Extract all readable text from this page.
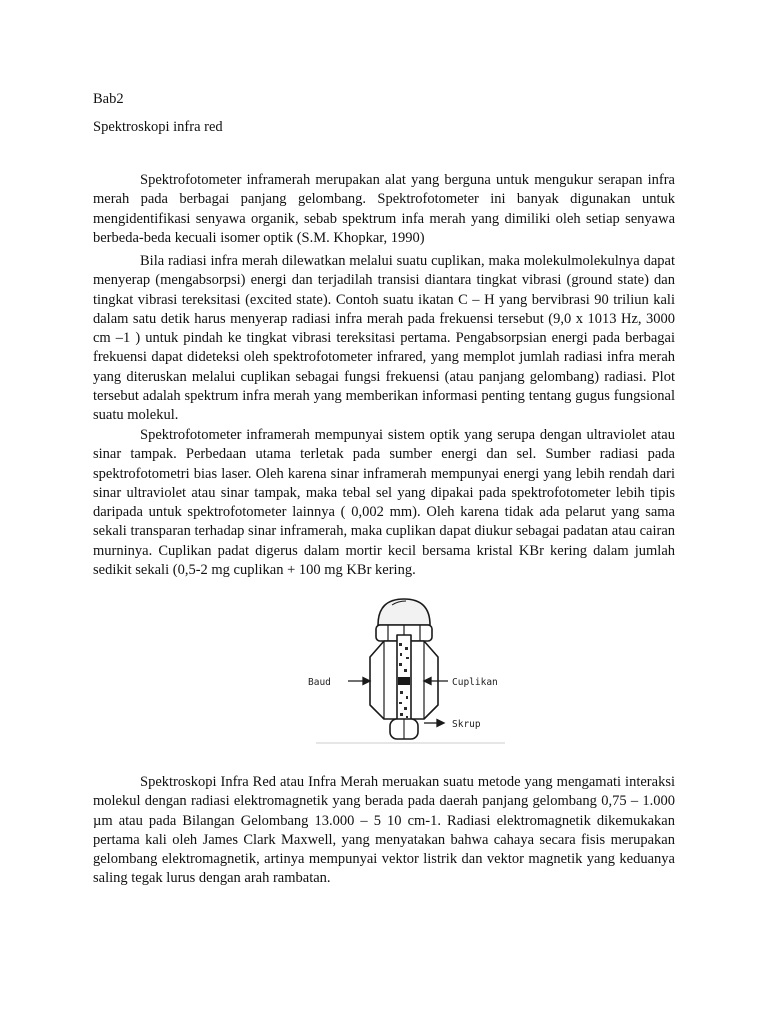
Bab2

Spektroskopi infra red

Spektrofotometer inframerah merupakan alat yang berguna untuk mengukur serapan infra merah pada berbagai panjang gelombang. Spektrofotometer ini banyak digunakan untuk mengidentifikasi senyawa organik, sebab spektrum infa merah yang dimiliki oleh setiap senyawa berbeda-beda kecuali isomer optik (S.M. Khopkar, 1990)

Bila radiasi infra merah dilewatkan melalui suatu cuplikan, maka molekulmolekulnya dapat menyerap (mengabsorpsi) energi dan terjadilah transisi diantara tingkat vibrasi (ground state) dan tingkat vibrasi tereksitasi (excited state). Contoh suatu ikatan C – H yang bervibrasi 90 triliun kali dalam satu detik harus menyerap radiasi infra merah pada frekuensi tersebut (9,0 x 1013 Hz, 3000 cm –1 ) untuk pindah ke tingkat vibrasi tereksitasi pertama. Pengabsorpsian energi pada berbagai frekuensi dapat dideteksi oleh spektrofotometer infrared, yang memplot jumlah radiasi infra merah yang diteruskan melalui cuplikan sebagai fungsi frekuensi (atau panjang gelombang) radiasi. Plot tersebut adalah spektrum infra merah yang memberikan informasi penting tentang gugus fungsional suatu molekul.

Spektrofotometer inframerah mempunyai sistem optik yang serupa dengan ultraviolet atau sinar tampak. Perbedaan utama terletak pada sumber energi dan sel. Sumber radiasi pada spektrofotometri bias laser. Oleh karena sinar inframerah mempunyai energi yang lebih rendah dari sinar ultraviolet atau sinar tampak, maka tebal sel yang dipakai pada spektrofotometer lebih tipis daripada untuk spektrofotometer lainnya ( 0,002 mm). Oleh karena tidak ada pelarut yang sama sekali transparan terhadap sinar inframerah, maka cuplikan dapat diukur sebagai padatan atau cairan murninya. Cuplikan padat digerus dalam mortir kecil bersama kristal KBr kering dalam jumlah sedikit sekali (0,5-2 mg cuplikan + 100 mg KBr kering.

Baud	Cuplikan
Skrup

Spektroskopi Infra Red atau Infra Merah meruakan suatu metode yang mengamati interaksi molekul dengan radiasi elektromagnetik yang berada pada daerah panjang gelombang 0,75 – 1.000 µm atau pada Bilangan Gelombang 13.000 – 5 10 cm-1. Radiasi elektromagnetik dikemukakan pertama kali oleh James Clark Maxwell, yang menyatakan bahwa cahaya secara fisis merupakan gelombang elektromagnetik, artinya mempunyai vektor listrik dan vektor magnetik yang keduanya saling tegak lurus dengan arah rambatan.
